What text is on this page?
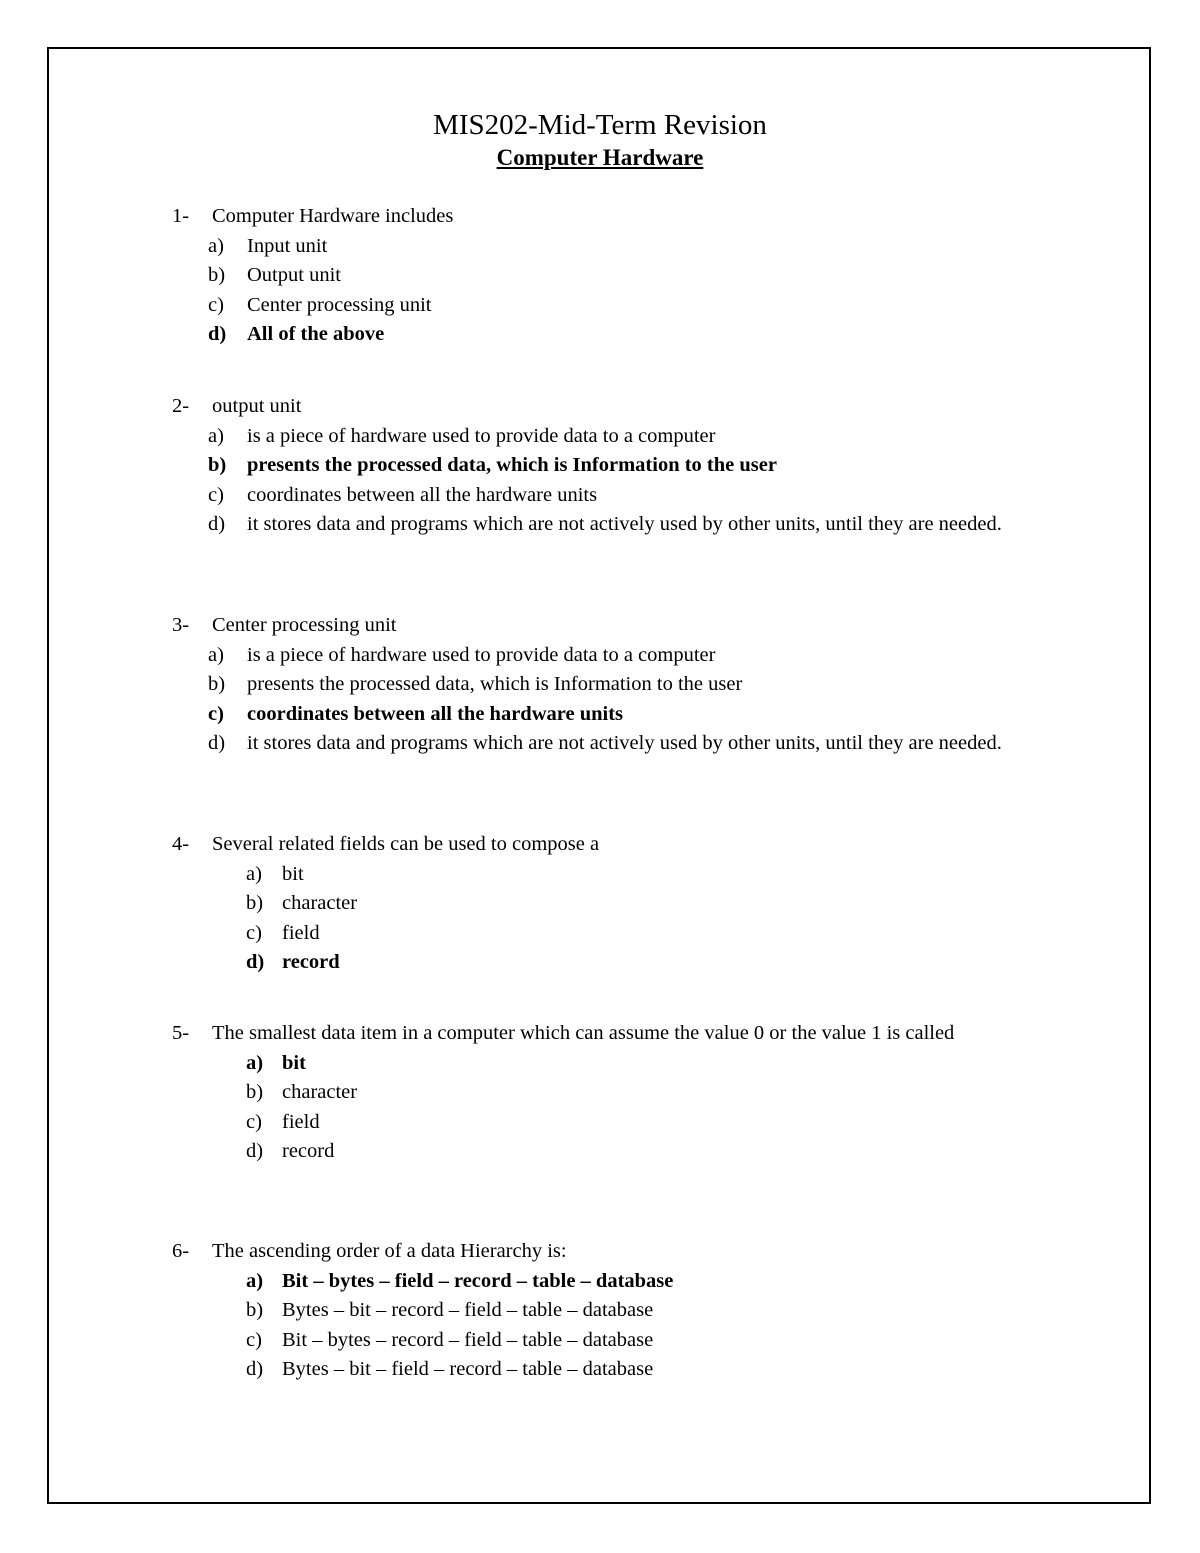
MIS202-Mid-Term Revision
Computer Hardware
1- Computer Hardware includes
a) Input unit
b) Output unit
c) Center processing unit
d) All of the above
2- output unit
a) is a piece of hardware used to provide data to a computer
b) presents the processed data, which is Information to the user
c) coordinates between all the hardware units
d) it stores data and programs which are not actively used by other units, until they are needed.
3- Center processing unit
a) is a piece of hardware used to provide data to a computer
b) presents the processed data, which is Information to the user
c) coordinates between all the hardware units
d) it stores data and programs which are not actively used by other units, until they are needed.
4- Several related fields can be used to compose a
a) bit
b) character
c) field
d) record
5- The smallest data item in a computer which can assume the value 0 or the value 1 is called
a) bit
b) character
c) field
d) record
6- The ascending order of a data Hierarchy is:
a) Bit – bytes – field – record – table – database
b) Bytes – bit – record – field – table – database
c) Bit – bytes – record – field – table – database
d) Bytes – bit – field – record – table – database
